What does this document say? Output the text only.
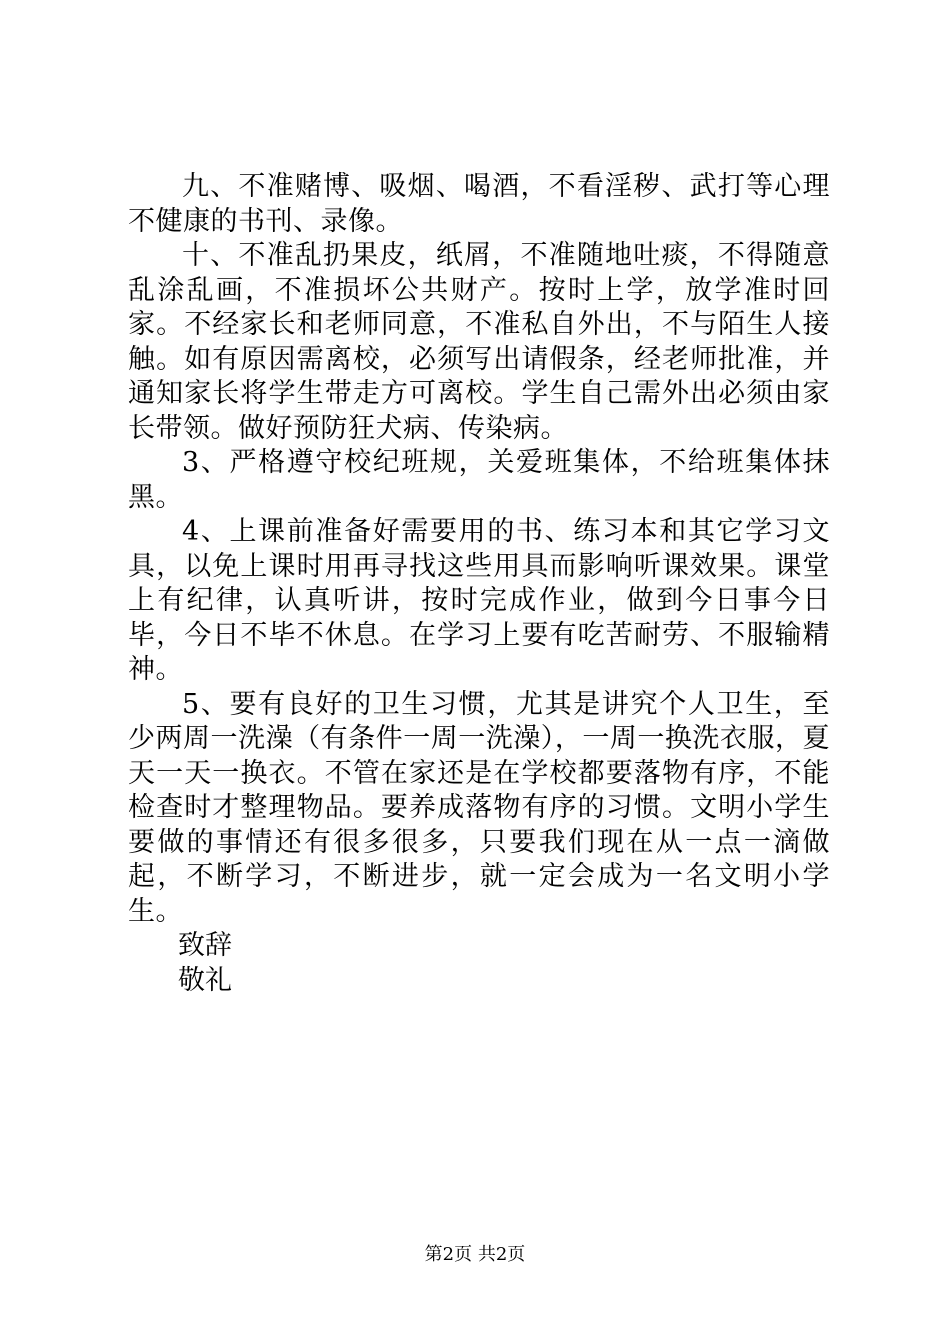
九、不准赌博、吸烟、喝酒，不看淫秽、武打等心理不健康的书刊、录像。

十、不准乱扔果皮，纸屑，不准随地吐痰，不得随意乱涂乱画，不准损坏公共财产。按时上学，放学准时回家。不经家长和老师同意，不准私自外出，不与陌生人接触。如有原因需离校，必须写出请假条，经老师批准，并通知家长将学生带走方可离校。学生自己需外出必须由家长带领。做好预防狂犬病、传染病。

3、严格遵守校纪班规，关爱班集体，不给班集体抹黑。

4、上课前准备好需要用的书、练习本和其它学习文具，以免上课时用再寻找这些用具而影响听课效果。课堂上有纪律，认真听讲，按时完成作业，做到今日事今日毕，今日不毕不休息。在学习上要有吃苦耐劳、不服输精神。

5、要有良好的卫生习惯，尤其是讲究个人卫生，至少两周一洗澡（有条件一周一洗澡），一周一换洗衣服，夏天一天一换衣。不管在家还是在学校都要落物有序，不能检查时才整理物品。要养成落物有序的习惯。文明小学生要做的事情还有很多很多，只要我们现在从一点一滴做起，不断学习，不断进步，就一定会成为一名文明小学生。

致辞

敬礼

第2页 共2页
